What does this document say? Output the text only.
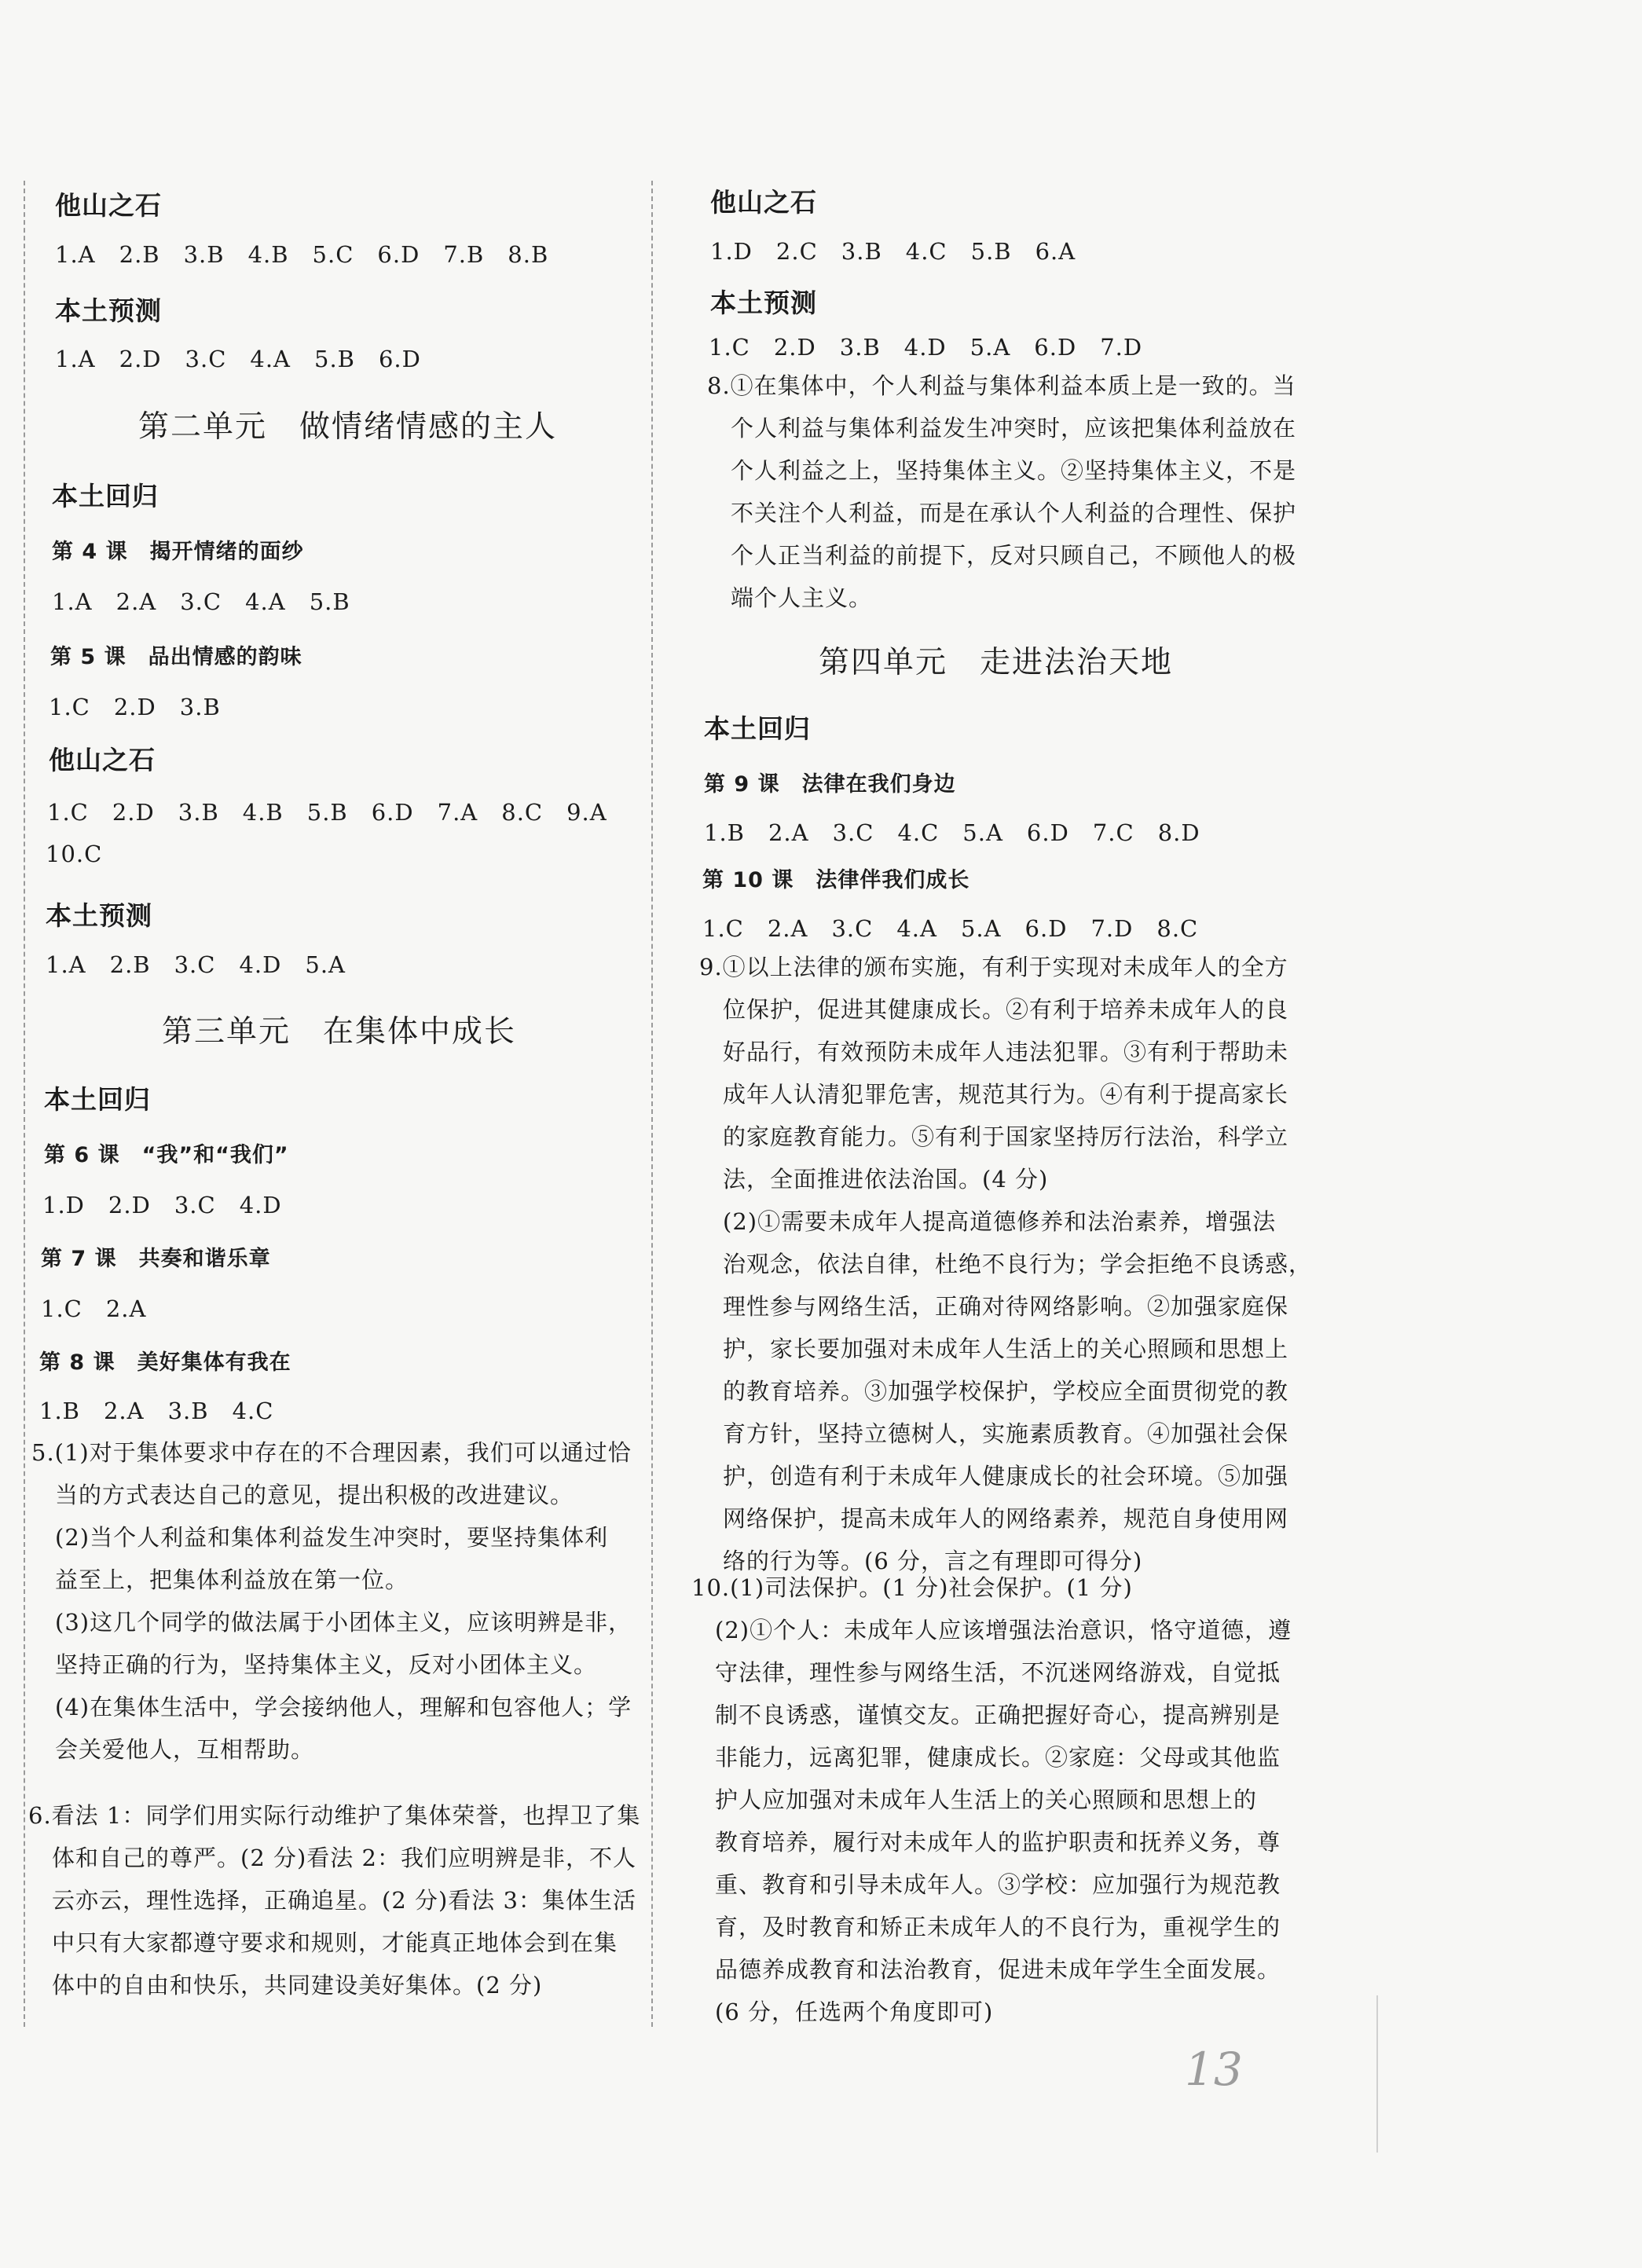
他山之石
1.A　2.B　3.B　4.B　5.C　6.D　7.B　8.B
本土预测
1.A　2.D　3.C　4.A　5.B　6.D
第二单元　做情绪情感的主人
本土回归
第 4 课　揭开情绪的面纱
1.A　2.A　3.C　4.A　5.B
第 5 课　品出情感的韵味
1.C　2.D　3.B
他山之石
1.C　2.D　3.B　4.B　5.B　6.D　7.A　8.C　9.A
10.C
本土预测
1.A　2.B　3.C　4.D　5.A
第三单元　在集体中成长
本土回归
第 6 课　“我”和“我们”
1.D　2.D　3.C　4.D
第 7 课　共奏和谐乐章
1.C　2.A
第 8 课　美好集体有我在
1.B　2.A　3.B　4.C

5.(1)对于集体要求中存在的不合理因素，我们可以通过恰

　当的方式表达自己的意见，提出积极的改进建议。

　(2)当个人利益和集体利益发生冲突时，要坚持集体利

　益至上，把集体利益放在第一位。

　(3)这几个同学的做法属于小团体主义，应该明辨是非，

　坚持正确的行为，坚持集体主义，反对小团体主义。

　(4)在集体生活中，学会接纳他人，理解和包容他人；学

　会关爱他人，互相帮助。

6.看法 1：同学们用实际行动维护了集体荣誉，也捍卫了集

　体和自己的尊严。(2 分)看法 2：我们应明辨是非，不人

　云亦云，理性选择，正确追星。(2 分)看法 3：集体生活

　中只有大家都遵守要求和规则，才能真正地体会到在集

　体中的自由和快乐，共同建设美好集体。(2 分)

他山之石
1.D　2.C　3.B　4.C　5.B　6.A
本土预测
1.C　2.D　3.B　4.D　5.A　6.D　7.D

8.①在集体中，个人利益与集体利益本质上是一致的。当

　个人利益与集体利益发生冲突时，应该把集体利益放在

　个人利益之上，坚持集体主义。②坚持集体主义，不是

　不关注个人利益，而是在承认个人利益的合理性、保护

　个人正当利益的前提下，反对只顾自己，不顾他人的极

　端个人主义。

第四单元　走进法治天地
本土回归
第 9 课　法律在我们身边
1.B　2.A　3.C　4.C　5.A　6.D　7.C　8.D
第 10 课　法律伴我们成长
1.C　2.A　3.C　4.A　5.A　6.D　7.D　8.C

9.①以上法律的颁布实施，有利于实现对未成年人的全方

　位保护，促进其健康成长。②有利于培养未成年人的良

　好品行，有效预防未成年人违法犯罪。③有利于帮助未

　成年人认清犯罪危害，规范其行为。④有利于提高家长

　的家庭教育能力。⑤有利于国家坚持厉行法治，科学立

　法，全面推进依法治国。(4 分)

　(2)①需要未成年人提高道德修养和法治素养，增强法

　治观念，依法自律，杜绝不良行为；学会拒绝不良诱惑，

　理性参与网络生活，正确对待网络影响。②加强家庭保

　护，家长要加强对未成年人生活上的关心照顾和思想上

　的教育培养。③加强学校保护，学校应全面贯彻党的教

　育方针，坚持立德树人，实施素质教育。④加强社会保

　护，创造有利于未成年人健康成长的社会环境。⑤加强

　网络保护，提高未成年人的网络素养，规范自身使用网

　络的行为等。(6 分，言之有理即可得分)

10.(1)司法保护。(1 分)社会保护。(1 分)

　(2)①个人：未成年人应该增强法治意识，恪守道德，遵

　守法律，理性参与网络生活，不沉迷网络游戏，自觉抵

　制不良诱惑，谨慎交友。正确把握好奇心，提高辨别是

　非能力，远离犯罪，健康成长。②家庭：父母或其他监

　护人应加强对未成年人生活上的关心照顾和思想上的

　教育培养，履行对未成年人的监护职责和抚养义务，尊

　重、教育和引导未成年人。③学校：应加强行为规范教

　育，及时教育和矫正未成年人的不良行为，重视学生的

　品德养成教育和法治教育，促进未成年学生全面发展。

　(6 分，任选两个角度即可)

13
